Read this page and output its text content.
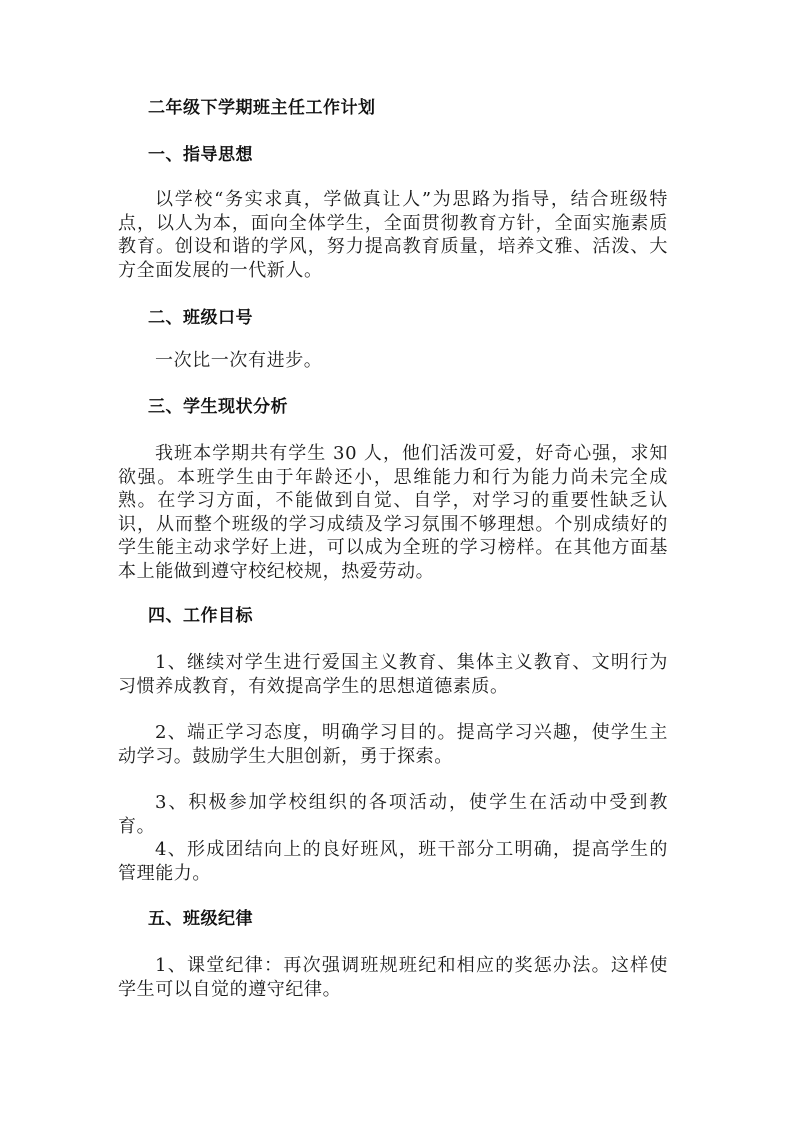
二年级下学期班主任工作计划
一、指导思想

以学校“务实求真，学做真让人”为思路为指导，结合班级特点，以人为本，面向全体学生，全面贯彻教育方针，全面实施素质教育。创设和谐的学风，努力提高教育质量，培养文雅、活泼、大方全面发展的一代新人。

二、班级口号

一次比一次有进步。

三、学生现状分析

我班本学期共有学生 30 人，他们活泼可爱，好奇心强，求知欲强。本班学生由于年龄还小，思维能力和行为能力尚未完全成熟。在学习方面，不能做到自觉、自学，对学习的重要性缺乏认识，从而整个班级的学习成绩及学习氛围不够理想。个别成绩好的学生能主动求学好上进，可以成为全班的学习榜样。在其他方面基本上能做到遵守校纪校规，热爱劳动。

四、工作目标

1、继续对学生进行爱国主义教育、集体主义教育、文明行为习惯养成教育，有效提高学生的思想道德素质。

2、端正学习态度，明确学习目的。提高学习兴趣，使学生主动学习。鼓励学生大胆创新，勇于探索。

3、积极参加学校组织的各项活动，使学生在活动中受到教育。

4、形成团结向上的良好班风，班干部分工明确，提高学生的管理能力。

五、班级纪律

1、课堂纪律：再次强调班规班纪和相应的奖惩办法。这样使学生可以自觉的遵守纪律。
